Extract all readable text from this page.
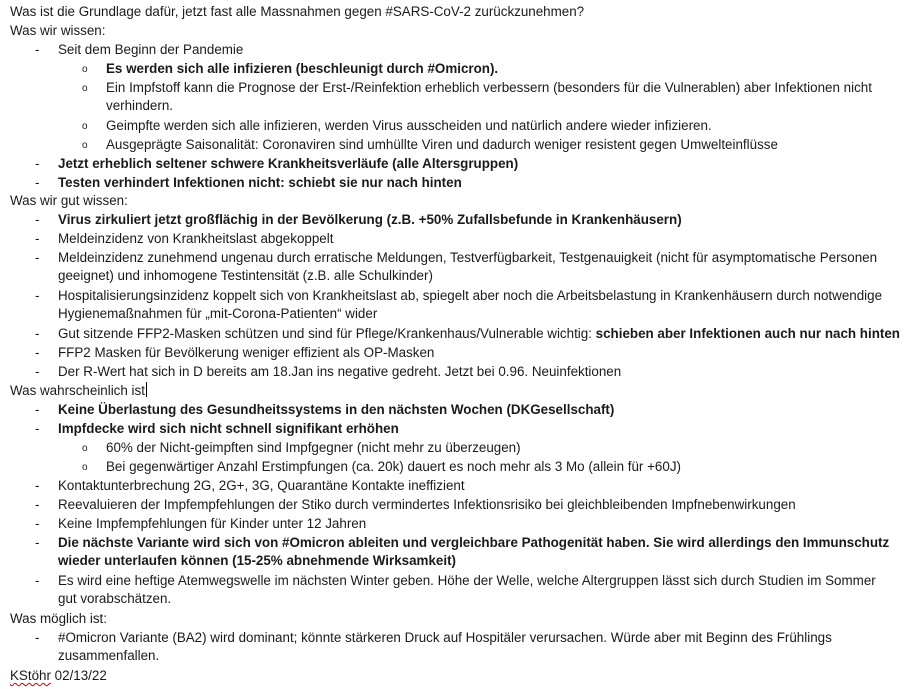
Was ist die Grundlage dafür, jetzt fast alle Massnahmen gegen #SARS-CoV-2 zurückzunehmen?
Was wir wissen:
- Seit dem Beginn der Pandemie
o Es werden sich alle infizieren (beschleunigt durch #Omicron).
o Ein Impfstoff kann die Prognose der Erst-/Reinfektion erheblich verbessern (besonders für die Vulnerablen) aber Infektionen nicht verhindern.
o Geimpfte werden sich alle infizieren, werden Virus ausscheiden und natürlich andere wieder infizieren.
o Ausgeprägte Saisonalität: Coronaviren sind umhüllte Viren und dadurch weniger resistent gegen Umwelteinflüsse
- Jetzt erheblich seltener schwere Krankheitsverläufe (alle Altersgruppen)
- Testen verhindert Infektionen nicht: schiebt sie nur nach hinten
Was wir gut wissen:
- Virus zirkuliert jetzt großflächig in der Bevölkerung (z.B. +50% Zufallsbefunde in Krankenhäusern)
- Meldeinzidenz von Krankheitslast abgekoppelt
- Meldeinzidenz zunehmend ungenau durch erratische Meldungen, Testverfügbarkeit, Testgenauigkeit (nicht für asymptomatische Personen geeignet) und inhomogene Testintensität (z.B. alle Schulkinder)
- Hospitalisierungsinzidenz koppelt sich von Krankheitslast ab, spiegelt aber noch die Arbeitsbelastung in Krankenhäusern durch notwendige Hygienemaßnahmen für „mit-Corona-Patienten“ wider
- Gut sitzende FFP2-Masken schützen und sind für Pflege/Krankenhaus/Vulnerable wichtig: schieben aber Infektionen auch nur nach hinten
- FFP2 Masken für Bevölkerung weniger effizient als OP-Masken
- Der R-Wert hat sich in D bereits am 18.Jan ins negative gedreht. Jetzt bei 0.96. Neuinfektionen
Was wahrscheinlich ist
- Keine Überlastung des Gesundheitssystems in den nächsten Wochen (DKGesellschaft)
- Impfdecke wird sich nicht schnell signifikant erhöhen
o 60% der Nicht-geimpften sind Impfgegner (nicht mehr zu überzeugen)
o Bei gegenwärtiger Anzahl Erstimpfungen (ca. 20k) dauert es noch mehr als 3 Mo (allein für +60J)
- Kontaktunterbrechung 2G, 2G+, 3G, Quarantäne Kontakte ineffizient
- Reevaluieren der Impfempfehlungen der Stiko durch vermindertes Infektionsrisiko bei gleichbleibenden Impfnebenwirkungen
- Keine Impfempfehlungen für Kinder unter 12 Jahren
- Die nächste Variante wird sich von #Omicron ableiten und vergleichbare Pathogenität haben. Sie wird allerdings den Immunschutz wieder unterlaufen können (15-25% abnehmende Wirksamkeit)
- Es wird eine heftige Atemwegswelle im nächsten Winter geben. Höhe der Welle, welche Altergruppen lässt sich durch Studien im Sommer gut vorabschätzen.
Was möglich ist:
- #Omicron Variante (BA2) wird dominant; könnte stärkeren Druck auf Hospitäler verursachen. Würde aber mit Beginn des Frühlings zusammenfallen.
KStöhr 02/13/22
